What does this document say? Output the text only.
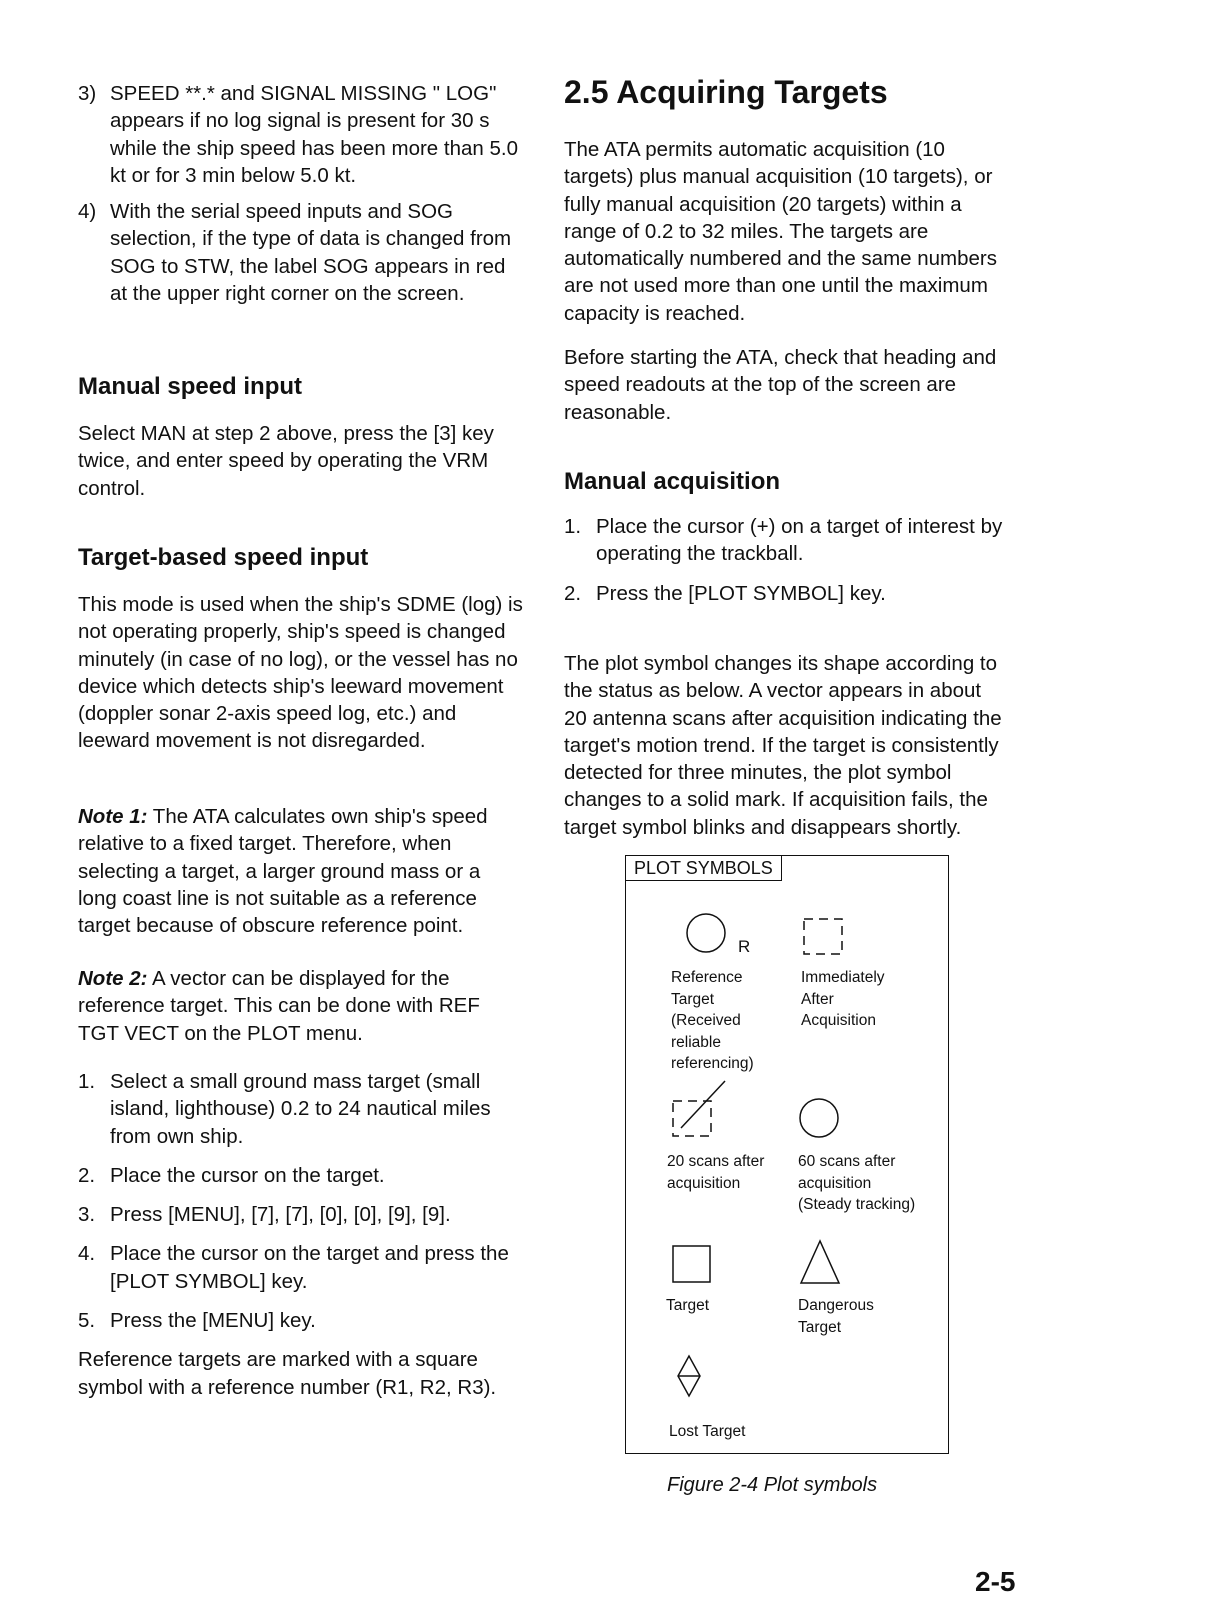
3) SPEED **.* and SIGNAL MISSING " LOG" appears if no log signal is present for 30 s while the ship speed has been more than 5.0 kt or for 3 min below 5.0 kt.
4) With the serial speed inputs and SOG selection, if the type of data is changed from SOG to STW, the label SOG appears in red at the upper right corner on the screen.
Manual speed input
Select MAN at step 2 above, press the [3] key twice, and enter speed by operating the VRM control.
Target-based speed input
This mode is used when the ship's SDME (log) is not operating properly, ship's speed is changed minutely (in case of no log), or the vessel has no device which detects ship's leeward movement (doppler sonar 2-axis speed log, etc.) and leeward movement is not disregarded.
Note 1: The ATA calculates own ship's speed relative to a fixed target. Therefore, when selecting a target, a larger ground mass or a long coast line is not suitable as a reference target because of obscure reference point.
Note 2: A vector can be displayed for the reference target. This can be done with REF TGT VECT on the PLOT menu.
1. Select a small ground mass target (small island, lighthouse) 0.2 to 24 nautical miles from own ship.
2. Place the cursor on the target.
3. Press [MENU], [7], [7], [0], [0], [9], [9].
4. Place the cursor on the target and press the [PLOT SYMBOL] key.
5. Press the [MENU] key.
Reference targets are marked with a square symbol with a reference number (R1, R2, R3).
2.5 Acquiring Targets
The ATA permits automatic acquisition (10 targets) plus manual acquisition (10 targets), or fully manual acquisition (20 targets) within a range of 0.2 to 32 miles. The targets are automatically numbered and the same numbers are not used more than one until the maximum capacity is reached.
Before starting the ATA, check that heading and speed readouts at the top of the screen are reasonable.
Manual acquisition
1. Place the cursor (+) on a target of interest by operating the trackball.
2. Press the [PLOT SYMBOL] key.
The plot symbol changes its shape according to the status as below. A vector appears in about 20 antenna scans after acquisition indicating the target's motion trend. If the target is consistently detected for three minutes, the plot symbol changes to a solid mark. If acquisition fails, the target symbol blinks and disappears shortly.
PLOT SYMBOLS
R
Reference
Target
(Received
reliable
referencing)
Immediately
After
Acquisition
20 scans after
acquisition
60 scans after
acquisition
(Steady tracking)
Target	Dangerous
Target
Lost Target
Figure 2-4 Plot symbols
2-5
